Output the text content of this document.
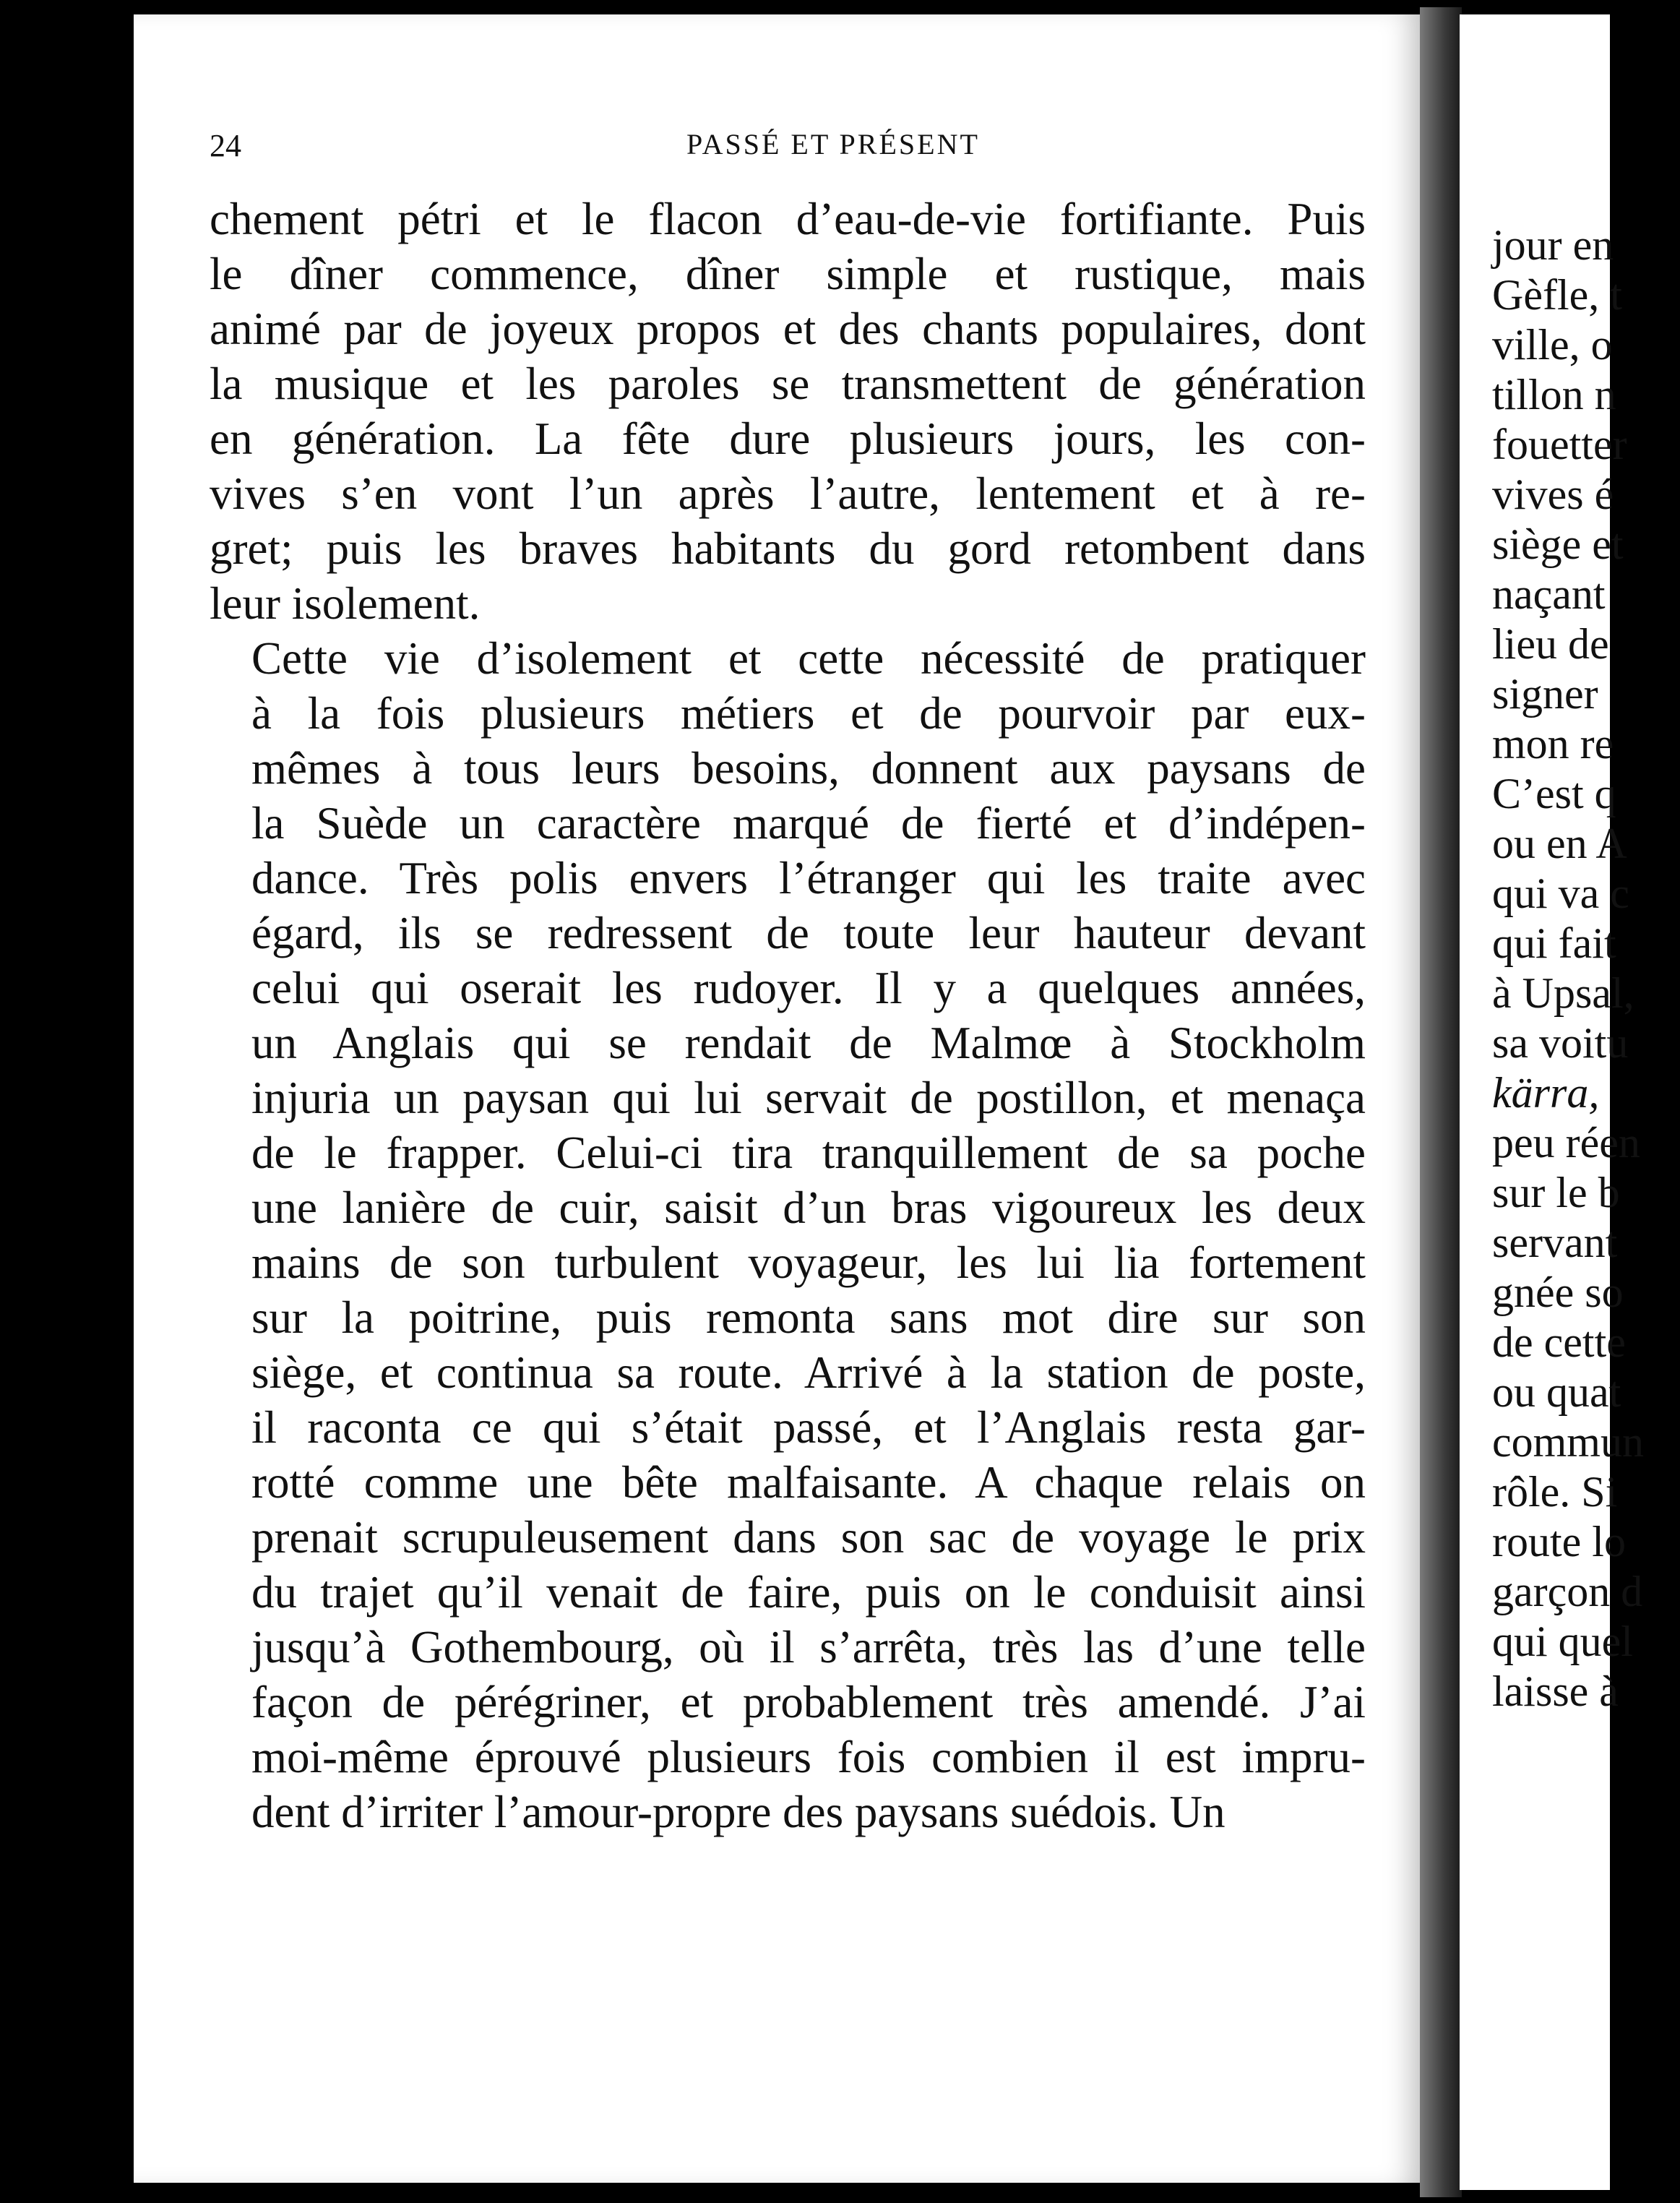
jour en
Gèfle, t
ville, o
tillon n
fouetter
vives é
siège et
naçant
lieu de
signer
mon re
C’est q
ou en A
qui va c
qui fait
à Upsal,
sa voitu
kärra,
peu réen
sur le b
servant
gnée so
de cette
ou quat
commun
rôle. Si
route lo
garçon d
qui quel
laisse à
24	PASSÉ ET PRÉSENT

chement pétri et le flacon d’eau-de-vie fortifiante. Puis
le dîner commence, dîner simple et rustique, mais
animé par de joyeux propos et des chants populaires, dont
la musique et les paroles se transmettent de génération
en génération. La fête dure plusieurs jours, les con-
vives s’en vont l’un après l’autre, lentement et à re-
gret; puis les braves habitants du gord retombent dans
leur isolement.

Cette vie d’isolement et cette nécessité de pratiquer
à la fois plusieurs métiers et de pourvoir par eux-
mêmes à tous leurs besoins, donnent aux paysans de
la Suède un caractère marqué de fierté et d’indépen-
dance. Très polis envers l’étranger qui les traite avec
égard, ils se redressent de toute leur hauteur devant
celui qui oserait les rudoyer. Il y a quelques années,
un Anglais qui se rendait de Malmœ à Stockholm
injuria un paysan qui lui servait de postillon, et menaça
de le frapper. Celui-ci tira tranquillement de sa poche
une lanière de cuir, saisit d’un bras vigoureux les deux
mains de son turbulent voyageur, les lui lia fortement
sur la poitrine, puis remonta sans mot dire sur son
siège, et continua sa route. Arrivé à la station de poste,
il raconta ce qui s’était passé, et l’Anglais resta gar-
rotté comme une bête malfaisante. A chaque relais on
prenait scrupuleusement dans son sac de voyage le prix
du trajet qu’il venait de faire, puis on le conduisit ainsi
jusqu’à Gothembourg, où il s’arrêta, très las d’une telle
façon de pérégriner, et probablement très amendé. J’ai
moi-même éprouvé plusieurs fois combien il est impru-
dent d’irriter l’amour-propre des paysans suédois. Un
